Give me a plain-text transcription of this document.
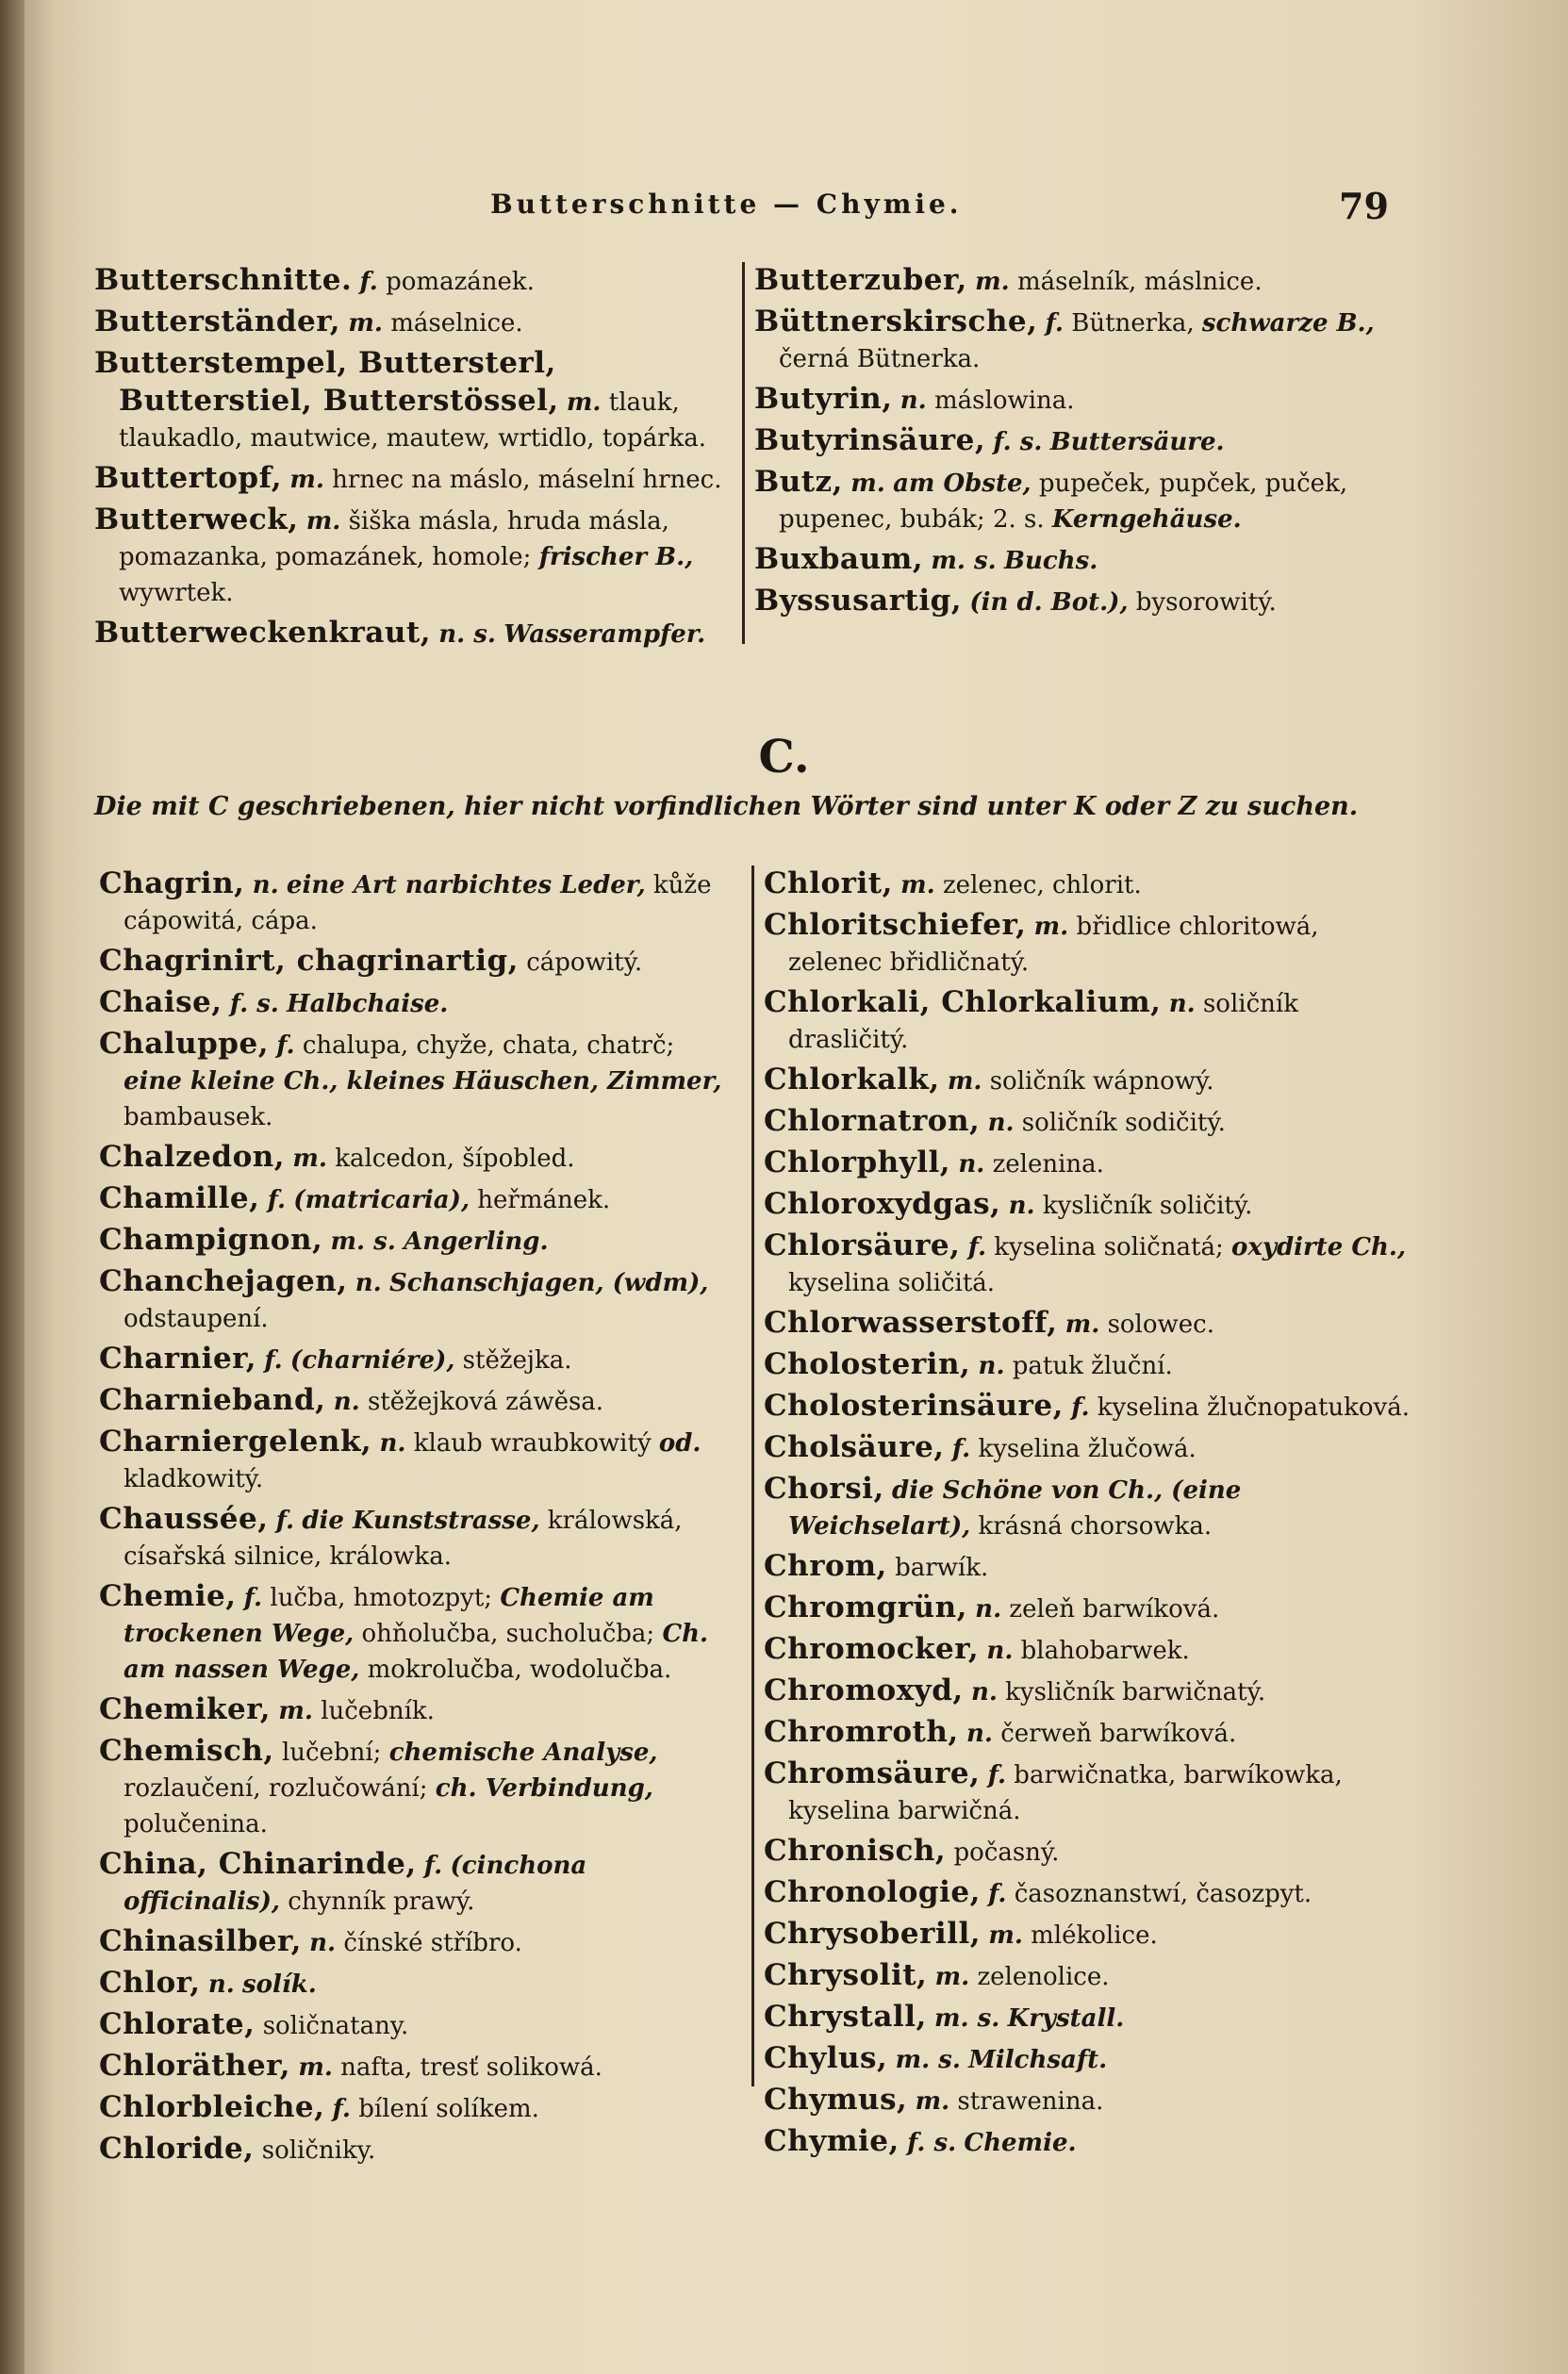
Butterschnitte — Chymie.	79
Butterschnitte. f. pomazánek.
Butterständer, m. máselnice.
Butterstempel, Buttersterl, Butterstiel, Butterstössel, m. tlauk, tlaukadlo, mautwice, mautew, wrtidlo, topárka.
Buttertopf, m. hrnec na máslo, máselní hrnec.
Butterweck, m. šiška másla, hruda másla, pomazanka, pomazánek, homole; frischer B., wywrtek.
Butterweckenkraut, n. s. Wasserampfer.
Butterzuber, m. máselník, máslnice.
Büttnerskirsche, f. Bütnerka, schwarze B., černá Bütnerka.
Butyrin, n. máslowina.
Butyrinsäure, f. s. Buttersäure.
Butz, m. am Obste, pupeček, pupček, puček, pupenec, bubák; 2. s. Kerngehäuse.
Buxbaum, m. s. Buchs.
Byssusartig, (in d. Bot.), bysorowitý.
C.
Die mit C geschriebenen, hier nicht vorfindlichen Wörter sind unter K oder Z zu suchen.
Chagrin, n. eine Art narbichtes Leder, kůže cápowitá, cápa.
Chagrinirt, chagrinartig, cápowitý.
Chaise, f. s. Halbchaise.
Chaluppe, f. chalupa, chyže, chata, chatrč; eine kleine Ch., kleines Häuschen, Zimmer, bambausek.
Chalzedon, m. kalcedon, šípobled.
Chamille, f. (matricaria), heřmánek.
Champignon, m. s. Angerling.
Chanchejagen, n. Schanschjagen, (wdm), odstaupení.
Charnier, f. (charniére), stěžejka.
Charnieband, n. stěžejková záwěsa.
Charniergelenk, n. klaub wraubkowitý od. kladkowitý.
Chaussée, f. die Kunststrasse, králowská, císařská silnice, králowka.
Chemie, f. lučba, hmotozpyt; Chemie am trockenen Wege, ohňolučba, sucholučba; Ch. am nassen Wege, mokrolučba, wodolučba.
Chemiker, m. lučebník.
Chemisch, lučební; chemische Analyse, rozlaučení, rozlučowání; ch. Verbindung, polučenina.
China, Chinarinde, f. (cinchona officinalis), chynník prawý.
Chinasilber, n. čínské stříbro.
Chlor, n. solík.
Chlorate, soličnatany.
Chloräther, m. nafta, tresť solikowá.
Chlorbleiche, f. bílení solíkem.
Chloride, soličniky.
Chlorit, m. zelenec, chlorit.
Chloritschiefer, m. břidlice chloritowá, zelenec břidličnatý.
Chlorkali, Chlorkalium, n. soličník drasličitý.
Chlorkalk, m. soličník wápnowý.
Chlornatron, n. soličník sodičitý.
Chlorphyll, n. zelenina.
Chloroxydgas, n. kysličník soličitý.
Chlorsäure, f. kyselina soličnatá; oxydirte Ch., kyselina soličitá.
Chlorwasserstoff, m. solowec.
Cholosterin, n. patuk žluční.
Cholosterinsäure, f. kyselina žlučnopatuková.
Cholsäure, f. kyselina žlučowá.
Chorsi, die Schöne von Ch., (eine Weichselart), krásná chorsowka.
Chrom, barwík.
Chromgrün, n. zeleň barwíková.
Chromocker, n. blahobarwek.
Chromoxyd, n. kysličník barwičnatý.
Chromroth, n. čerweň barwíková.
Chromsäure, f. barwičnatka, barwíkowka, kyselina barwičná.
Chronisch, počasný.
Chronologie, f. časoznanstwí, časozpyt.
Chrysoberill, m. mlékolice.
Chrysolit, m. zelenolice.
Chrystall, m. s. Krystall.
Chylus, m. s. Milchsaft.
Chymus, m. strawenina.
Chymie, f. s. Chemie.
